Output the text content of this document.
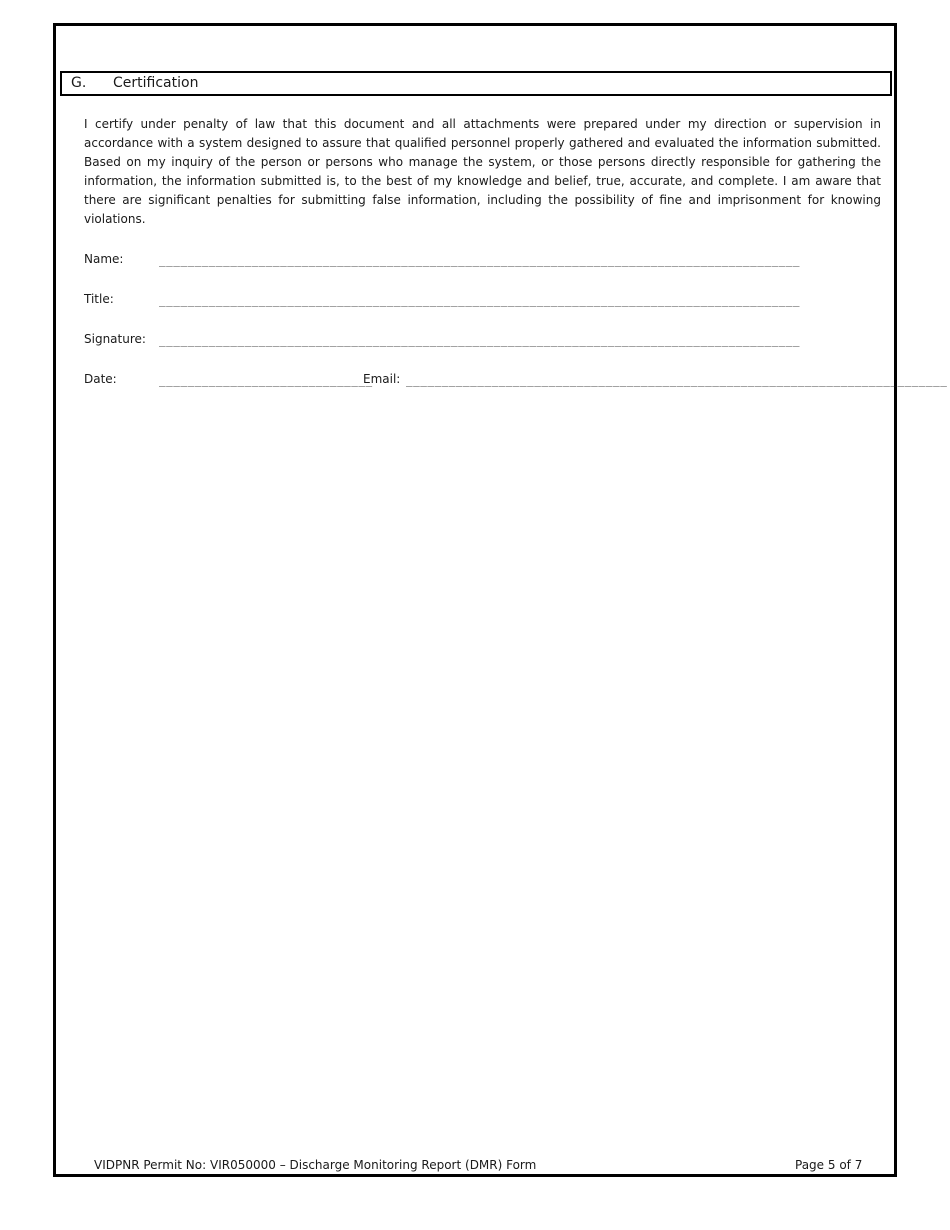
G. Certification

I certify under penalty of law that this document and all attachments were prepared under my direction or supervision in accordance with a system designed to assure that qualified personnel properly gathered and evaluated the information submitted. Based on my inquiry of the person or persons who manage the system, or those persons directly responsible for gathering the information, the information submitted is, to the best of my knowledge and belief, true, accurate, and complete. I am aware that there are significant penalties for submitting false information, including the possibility of fine and imprisonment for knowing violations.

Name:	__________________________________________________________________________________________
Title:	__________________________________________________________________________________________
Signature: __________________________________________________________________________________________
Date:	______________________________
Email: ____________________________________________________________________________
VIDPNR Permit No: VIR050000 – Discharge Monitoring Report (DMR) Form	Page 5 of 7
